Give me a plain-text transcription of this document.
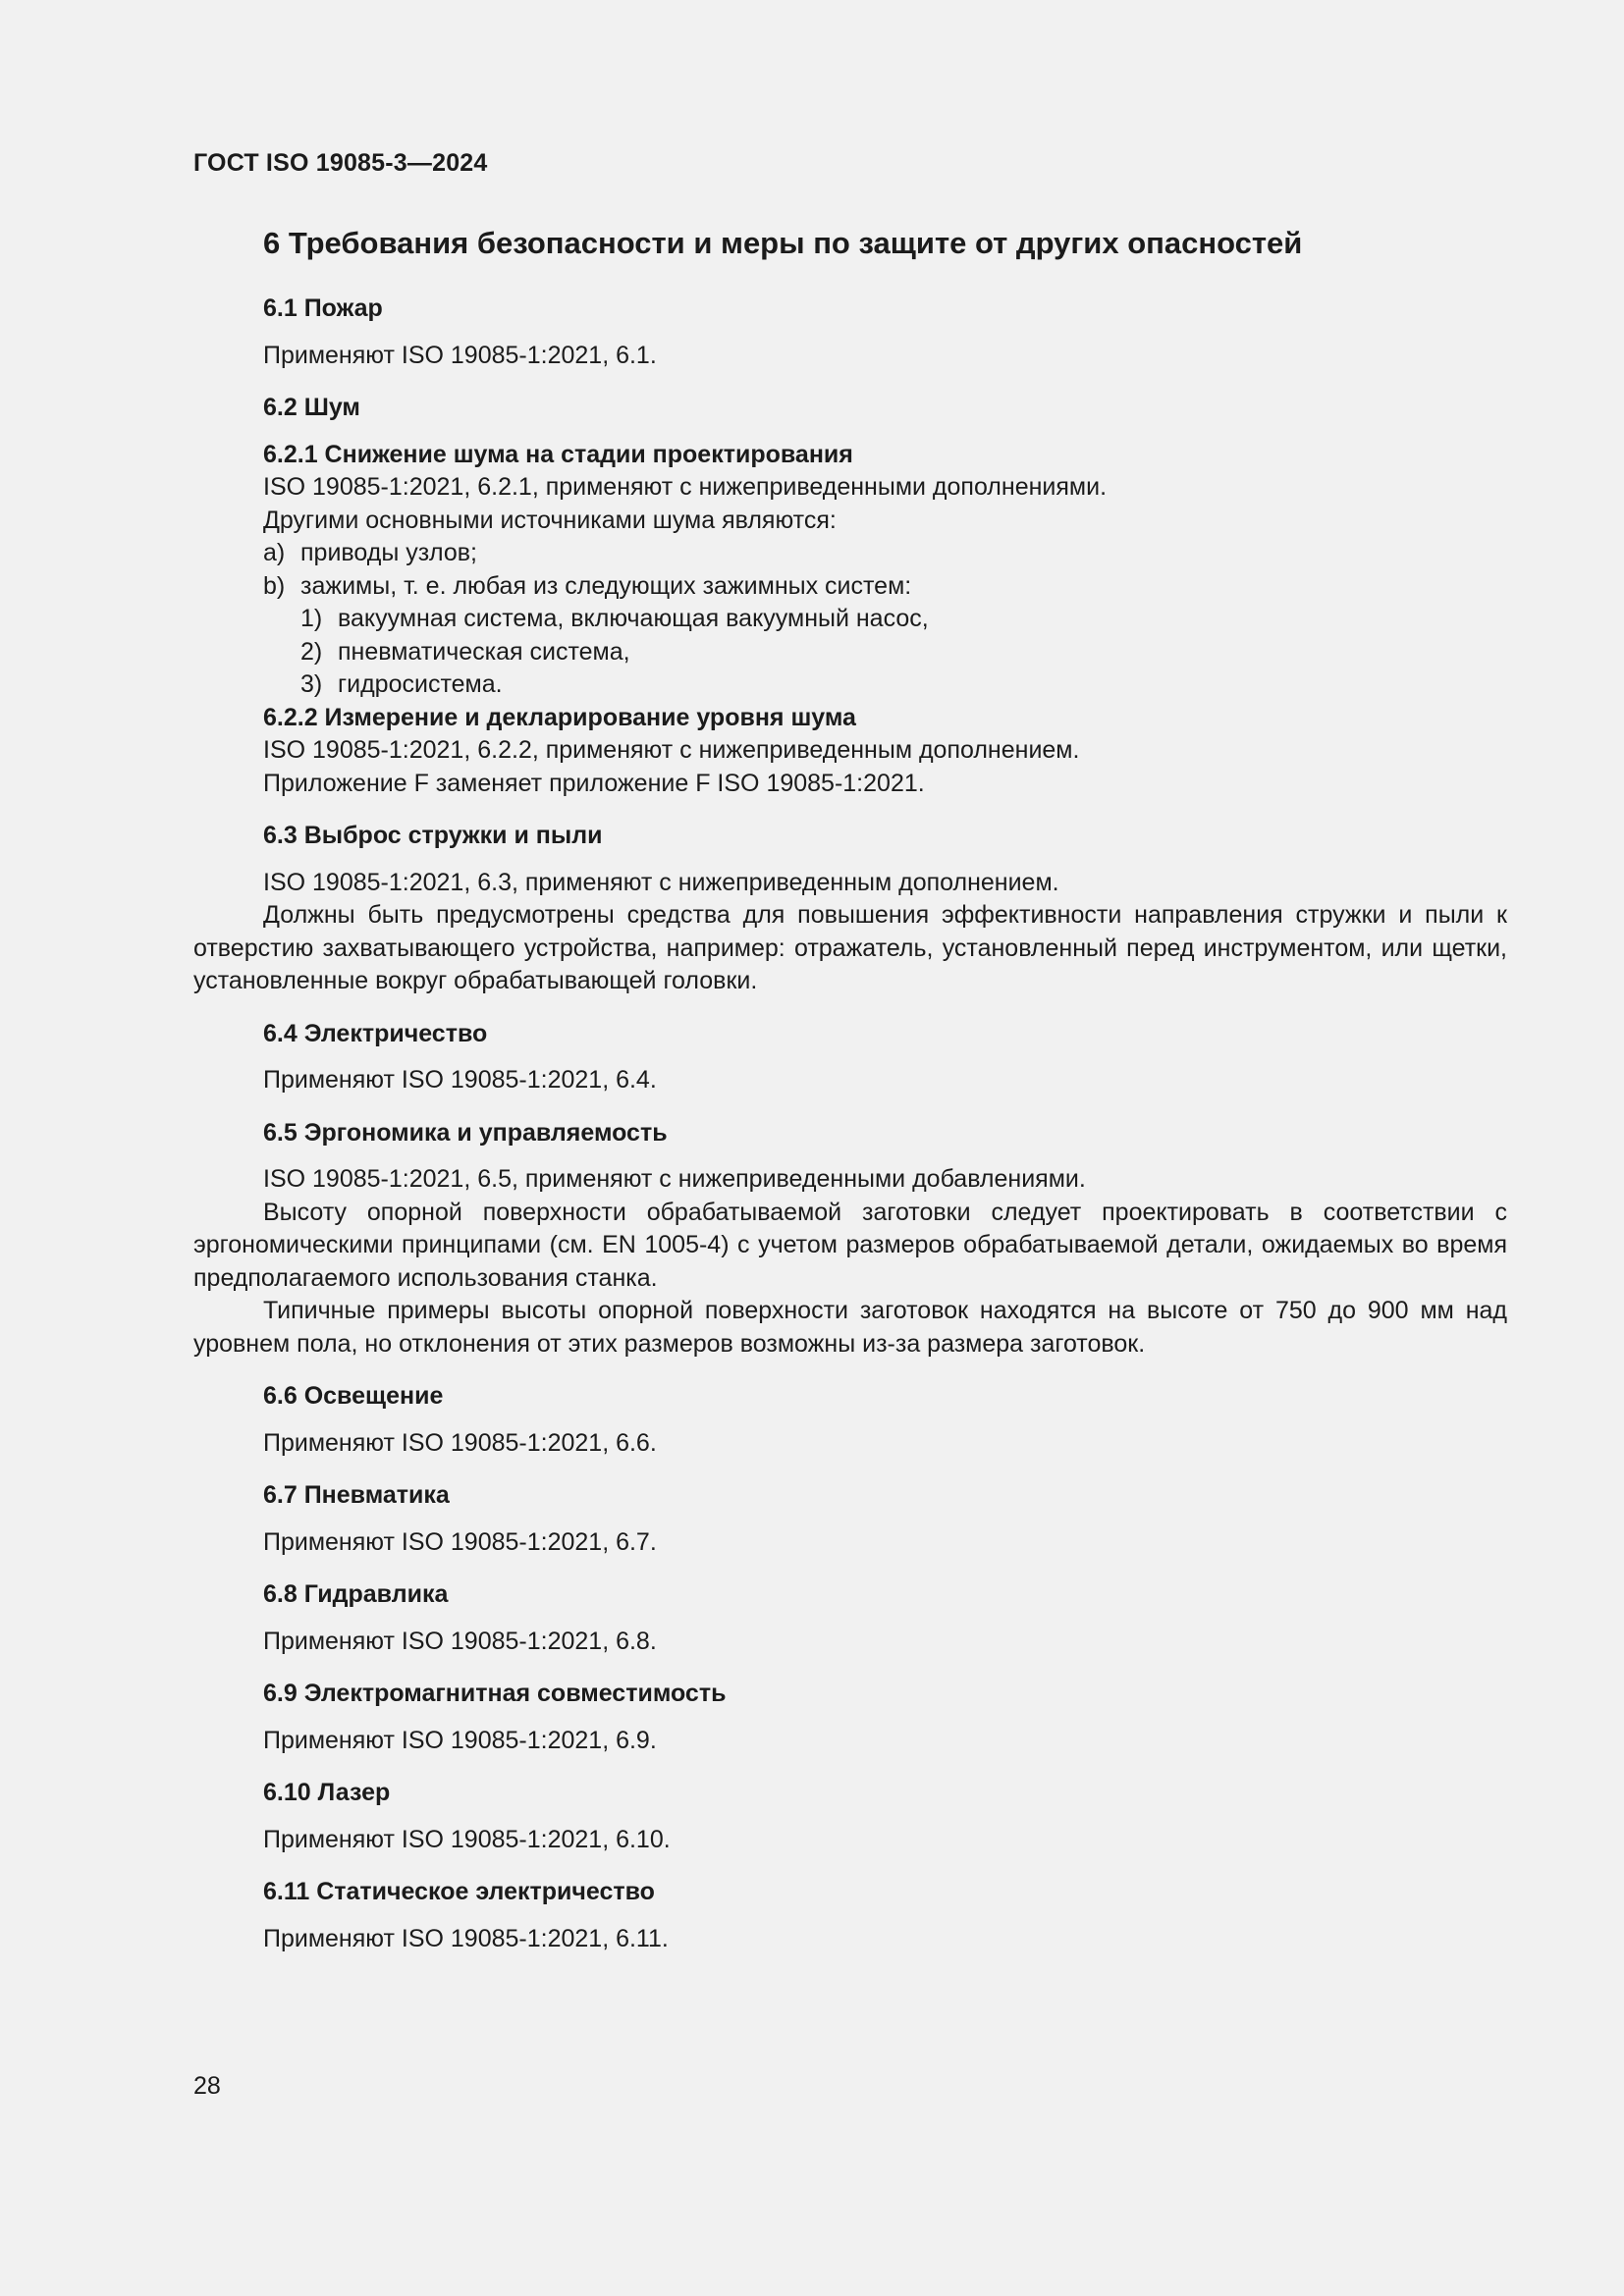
ГОСТ ISO 19085-3—2024
6 Требования безопасности и меры по защите от других опасностей
6.1 Пожар
Применяют ISO 19085-1:2021, 6.1.
6.2 Шум
6.2.1 Снижение шума на стадии проектирования
ISO 19085-1:2021, 6.2.1, применяют с нижеприведенными дополнениями.
Другими основными источниками шума являются:
a) приводы узлов;
b) зажимы, т. е. любая из следующих зажимных систем:
1) вакуумная система, включающая вакуумный насос,
2) пневматическая система,
3) гидросистема.
6.2.2 Измерение и декларирование уровня шума
ISO 19085-1:2021, 6.2.2, применяют с нижеприведенным дополнением.
Приложение F заменяет приложение F ISO 19085-1:2021.
6.3 Выброс стружки и пыли
ISO 19085-1:2021, 6.3, применяют с нижеприведенным дополнением.

Должны быть предусмотрены средства для повышения эффективности направления стружки и пыли к отверстию захватывающего устройства, например: отражатель, установленный перед инструментом, или щетки, установленные вокруг обрабатывающей головки.

6.4 Электричество
Применяют ISO 19085-1:2021, 6.4.
6.5 Эргономика и управляемость
ISO 19085-1:2021, 6.5, применяют с нижеприведенными добавлениями.

Высоту опорной поверхности обрабатываемой заготовки следует проектировать в соответствии с эргономическими принципами (см. EN 1005-4) с учетом размеров обрабатываемой детали, ожидаемых во время предполагаемого использования станка.

Типичные примеры высоты опорной поверхности заготовок находятся на высоте от 750 до 900 мм над уровнем пола, но отклонения от этих размеров возможны из-за размера заготовок.

6.6 Освещение
Применяют ISO 19085-1:2021, 6.6.
6.7 Пневматика
Применяют ISO 19085-1:2021, 6.7.
6.8 Гидравлика
Применяют ISO 19085-1:2021, 6.8.
6.9 Электромагнитная совместимость
Применяют ISO 19085-1:2021, 6.9.
6.10 Лазер
Применяют ISO 19085-1:2021, 6.10.
6.11 Статическое электричество
Применяют ISO 19085-1:2021, 6.11.
28
